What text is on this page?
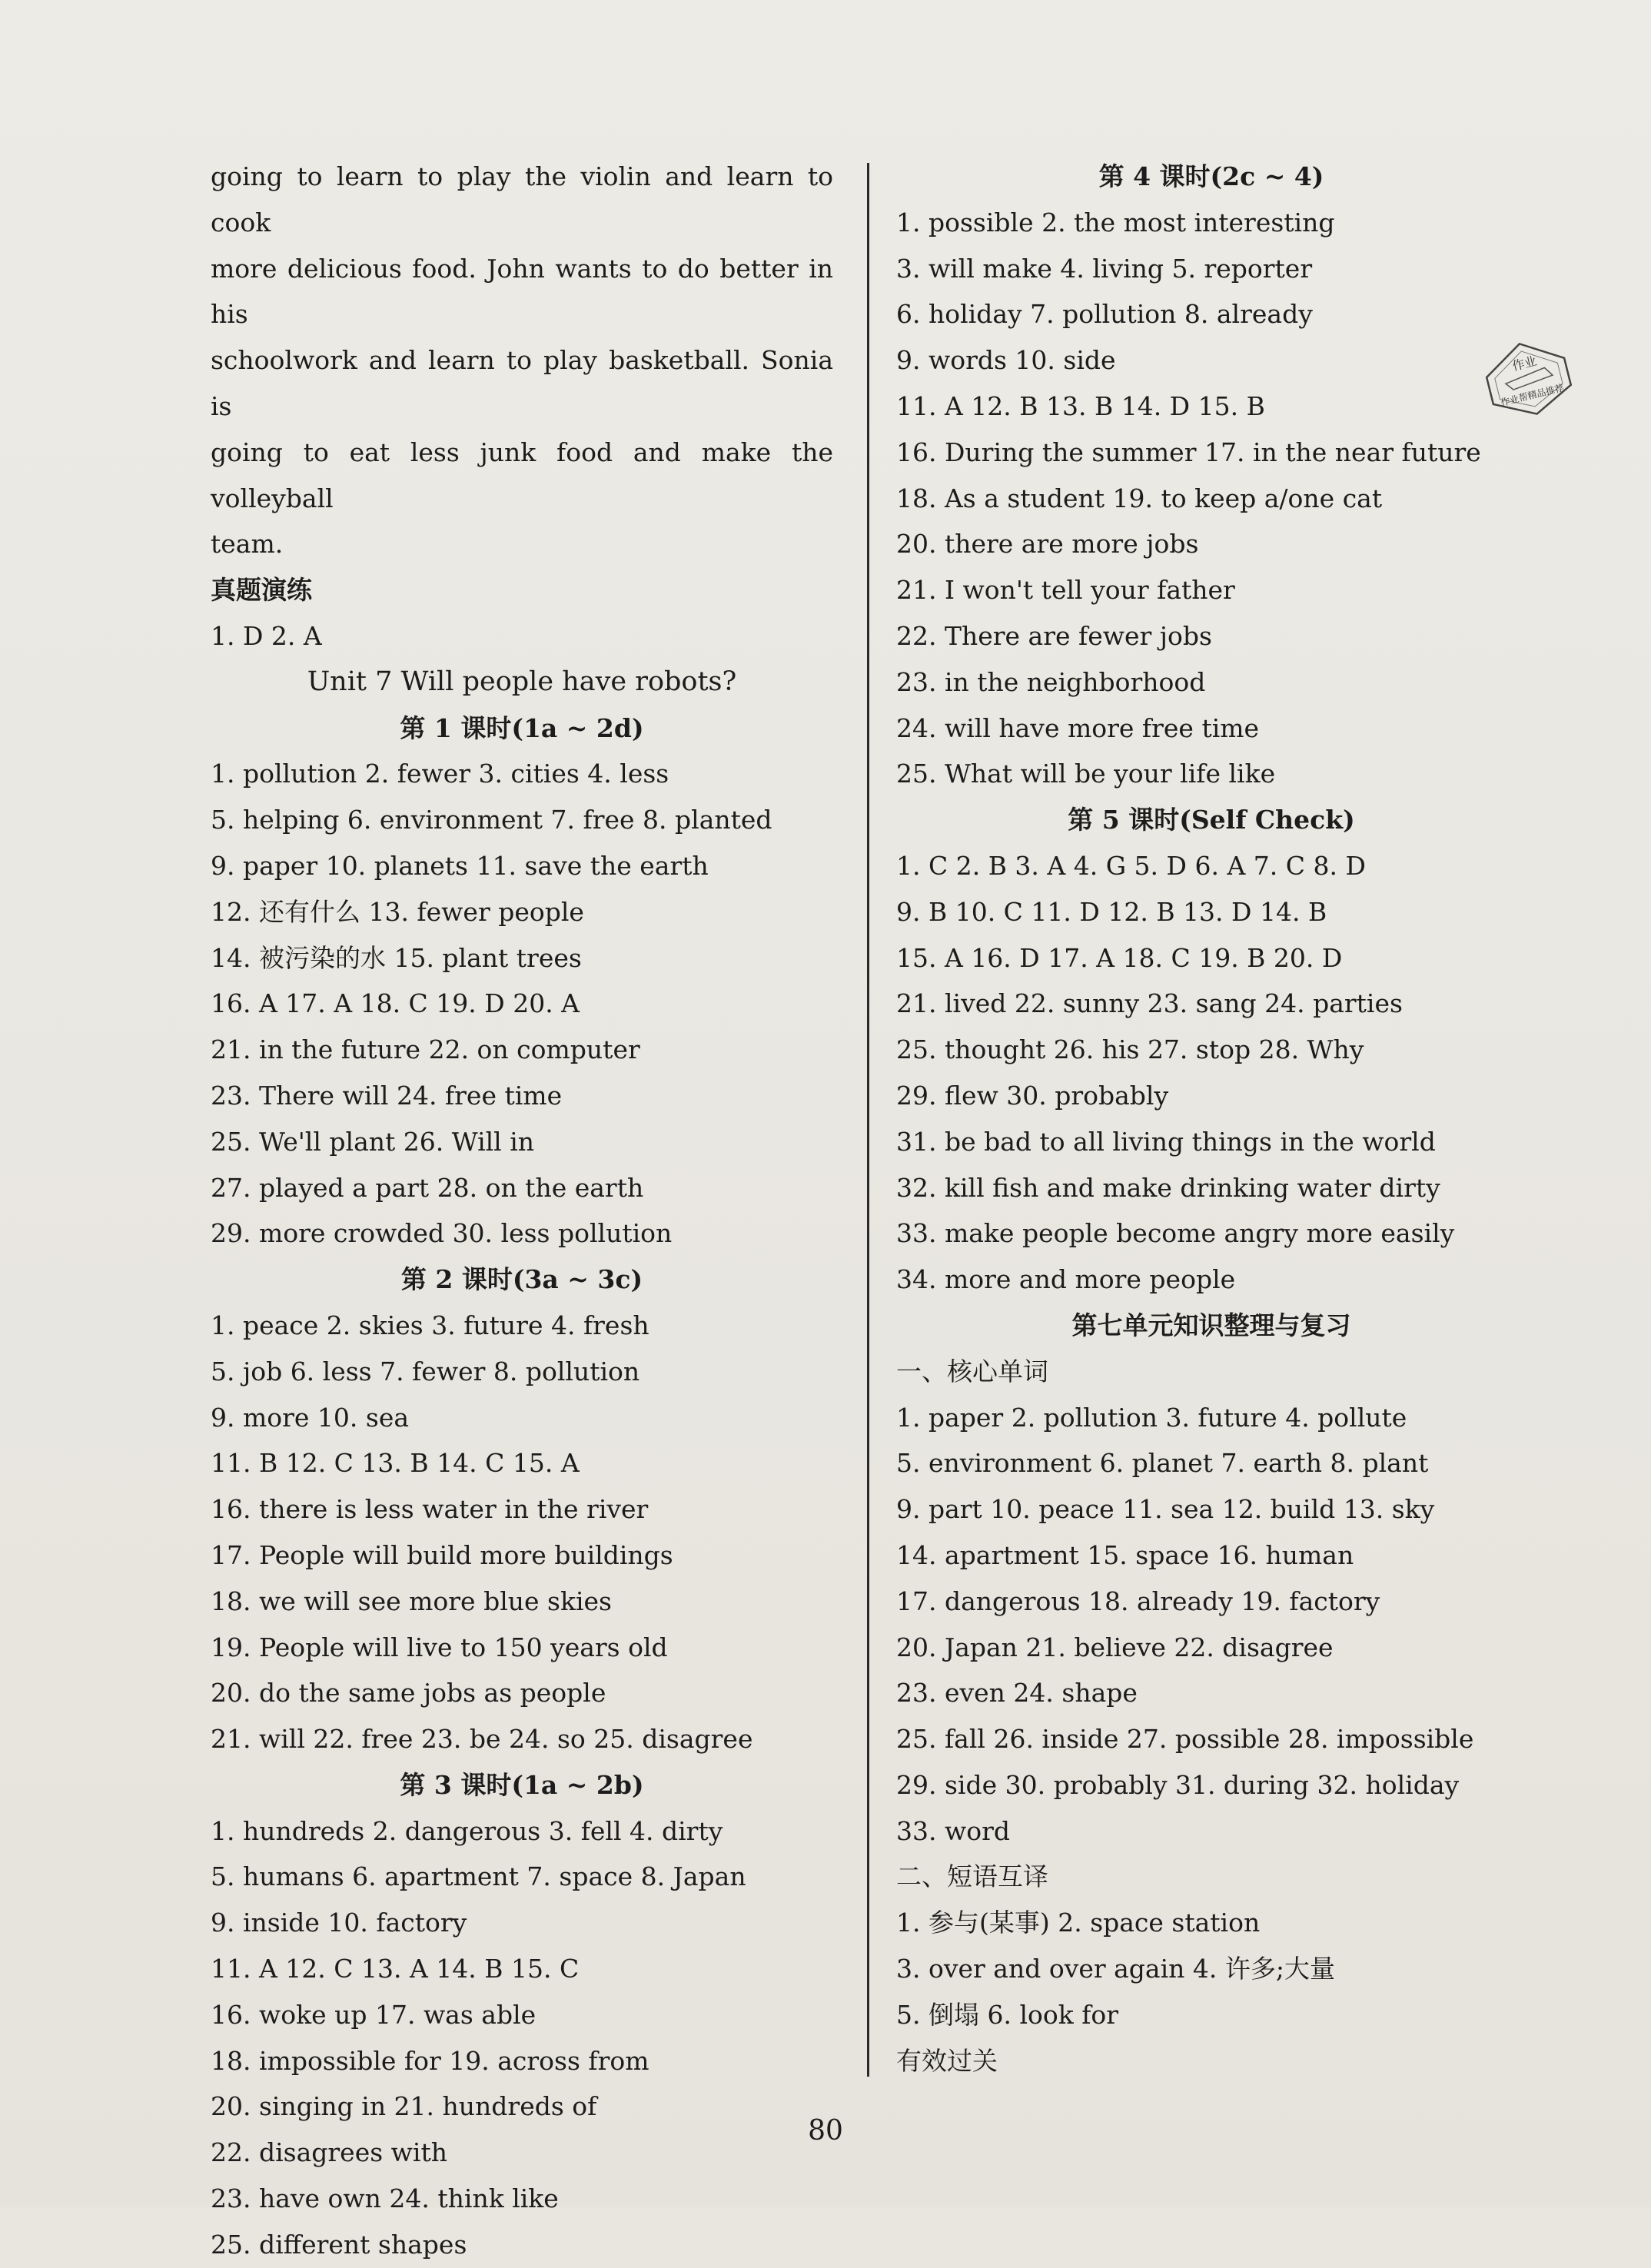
going to learn to play the violin and learn to cook
more delicious food. John wants to do better in his
schoolwork and learn to play basketball. Sonia is
going to eat less junk food and make the volleyball
team.
真题演练
1. D 2. A
Unit 7 Will people have robots?
第 1 课时(1a ~ 2d)
1. pollution 2. fewer 3. cities 4. less
5. helping 6. environment 7. free 8. planted
9. paper 10. planets 11. save the earth
12. 还有什么 13. fewer people
14. 被污染的水 15. plant trees
16. A 17. A 18. C 19. D 20. A
21. in the future 22. on computer
23. There will 24. free time
25. We'll plant 26. Will in
27. played a part 28. on the earth
29. more crowded 30. less pollution
第 2 课时(3a ~ 3c)
1. peace 2. skies 3. future 4. fresh
5. job 6. less 7. fewer 8. pollution
9. more 10. sea
11. B 12. C 13. B 14. C 15. A
16. there is less water in the river
17. People will build more buildings
18. we will see more blue skies
19. People will live to 150 years old
20. do the same jobs as people
21. will 22. free 23. be 24. so 25. disagree
第 3 课时(1a ~ 2b)
1. hundreds 2. dangerous 3. fell 4. dirty
5. humans 6. apartment 7. space 8. Japan
9. inside 10. factory
11. A 12. C 13. A 14. B 15. C
16. woke up 17. was able
18. impossible for 19. across from
20. singing in 21. hundreds of
22. disagrees with
23. have own 24. think like
25. different shapes
第 4 课时(2c ~ 4)
1. possible 2. the most interesting
3. will make 4. living 5. reporter
6. holiday 7. pollution 8. already
9. words 10. side
11. A 12. B 13. B 14. D 15. B
16. During the summer 17. in the near future
18. As a student 19. to keep a/one cat
20. there are more jobs
21. I won't tell your father
22. There are fewer jobs
23. in the neighborhood
24. will have more free time
25. What will be your life like
第 5 课时(Self Check)
1. C 2. B 3. A 4. G 5. D 6. A 7. C 8. D
9. B 10. C 11. D 12. B 13. D 14. B
15. A 16. D 17. A 18. C 19. B 20. D
21. lived 22. sunny 23. sang 24. parties
25. thought 26. his 27. stop 28. Why
29. flew 30. probably
31. be bad to all living things in the world
32. kill fish and make drinking water dirty
33. make people become angry more easily
34. more and more people
第七单元知识整理与复习
一、核心单词
1. paper 2. pollution 3. future 4. pollute
5. environment 6. planet 7. earth 8. plant
9. part 10. peace 11. sea 12. build 13. sky
14. apartment 15. space 16. human
17. dangerous 18. already 19. factory
20. Japan 21. believe 22. disagree
23. even 24. shape
25. fall 26. inside 27. possible 28. impossible
29. side 30. probably 31. during 32. holiday
33. word
二、短语互译
1. 参与(某事) 2. space station
3. over and over again 4. 许多;大量
5. 倒塌 6. look for
有效过关
作业
作业帮精品推荐
80
